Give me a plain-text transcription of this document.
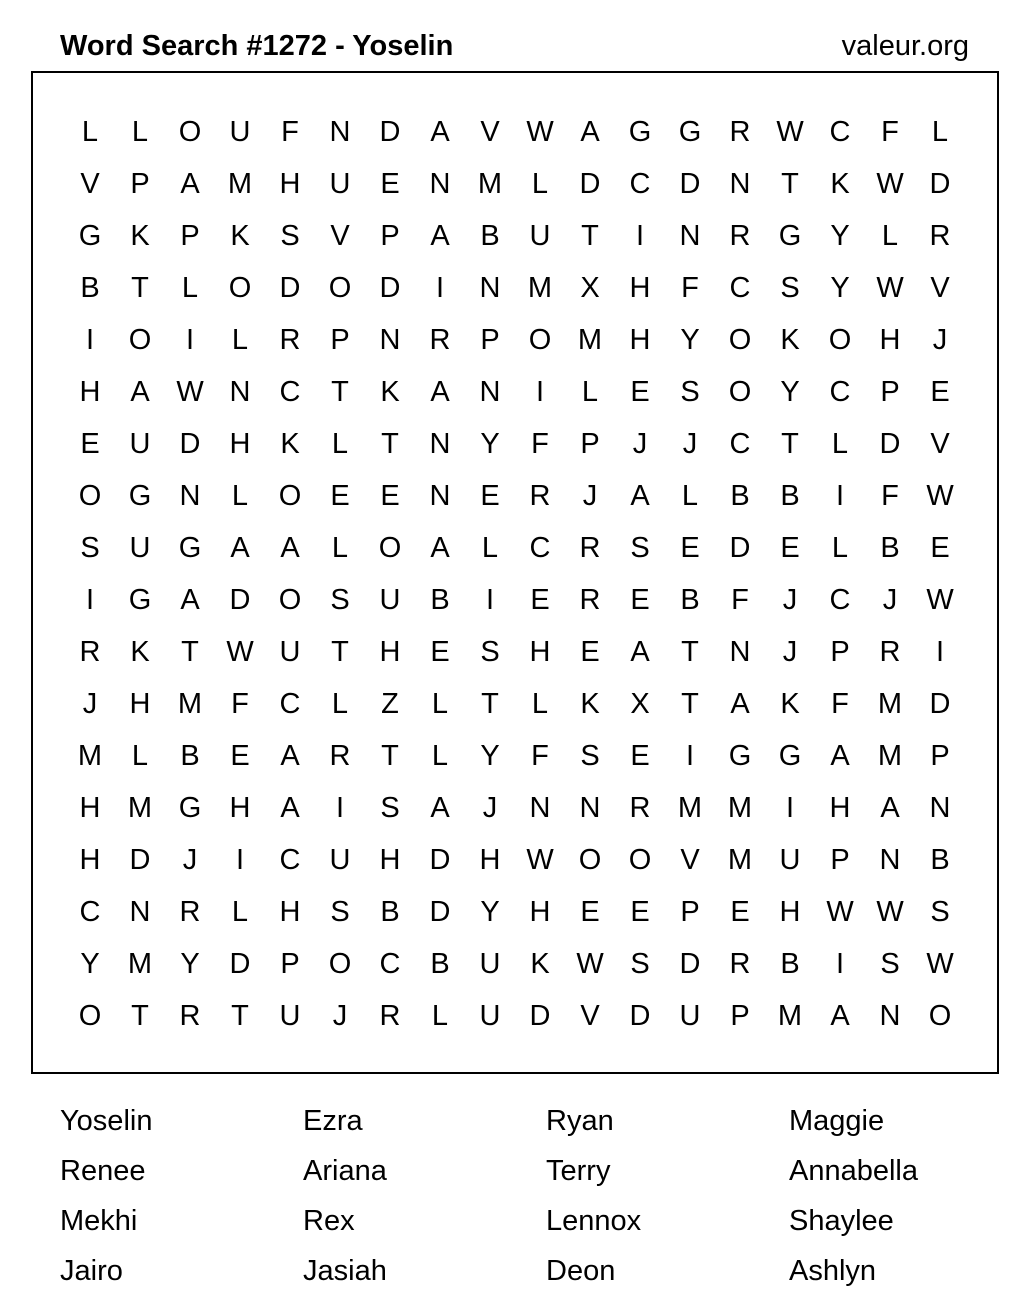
Word Search #1272 - Yoselin	valeur.org
L	L	O U	F	N	D	A	V W A	G G R W C	F	L
V	P	A M H	U	E	N M	L	D	C	D	N	T	K W D
G	K	P	K	S	V	P	A	B	U	T	I	N	R G	Y	L	R
B	T	L	O D O D	I	N M X	H	F	C	S	Y W V
I	O	I	L	R	P	N	R	P	O M H	Y	O	K	O H	J
H	A W N	C	T	K	A	N	I	L	E	S	O	Y	C	P	E
E	U	D	H	K	L	T	N	Y	F	P	J	J	C	T	L	D	V
O G N	L	O	E	E	N	E	R	J	A	L	B	B	I	F W
S	U G	A	A	L	O	A	L	C	R	S	E	D	E	L	B	E
I	G	A	D O	S	U	B	I	E	R	E	B	F	J	C	J	W
R	K	T W U	T	H	E	S	H	E	A	T	N	J	P	R	I
J	H M	F	C	L	Z	L	T	L	K	X	T	A	K	F	M D
M	L	B	E	A	R	T	L	Y	F	S	E	I	G G	A M P
H M G H	A	I	S	A	J	N	N	R M M	I	H	A	N
H	D	J	I	C	U	H	D	H W O O	V M U	P	N	B
C	N	R	L	H	S	B	D	Y	H	E	E	P	E	H W W S
Y M Y	D	P	O C	B	U	K W S	D	R	B	I	S W
O	T	R	T	U	J	R	L	U	D	V	D	U	P M A	N O
Yoselin	Ezra	Ryan	Maggie
Renee	Ariana	Terry	Annabella
Mekhi	Rex	Lennox	Shaylee
Jairo	Jasiah	Deon	Ashlyn
